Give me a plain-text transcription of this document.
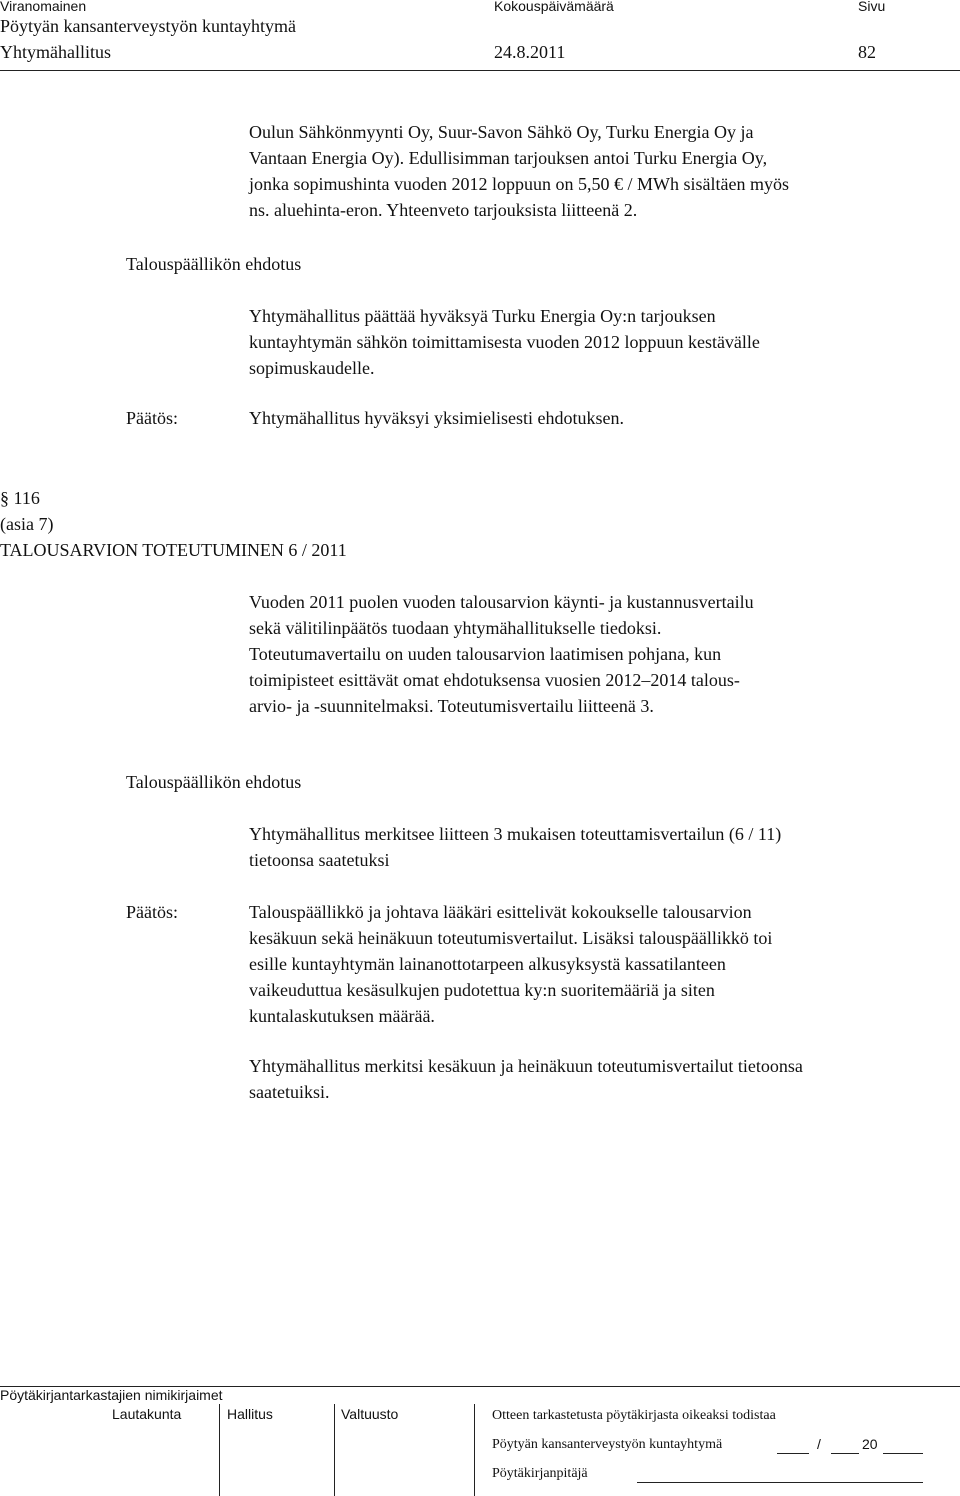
Viranomainen	Kokouspäivämäärä	Sivu
Pöytyän kansanterveystyön kuntayhtymä
Yhtymähallitus	24.8.2011	82
Oulun Sähkönmyynti Oy, Suur-Savon Sähkö Oy, Turku Energia Oy ja
Vantaan Energia Oy). Edullisimman tarjouksen antoi Turku Energia Oy,
jonka sopimushinta vuoden 2012 loppuun on 5,50 € / MWh sisältäen myös
ns. aluehinta-eron. Yhteenveto tarjouksista liitteenä 2.
Talouspäällikön ehdotus
Yhtymähallitus päättää hyväksyä Turku Energia Oy:n tarjouksen
kuntayhtymän sähkön toimittamisesta vuoden 2012 loppuun kestävälle
sopimuskaudelle.
Päätös:	Yhtymähallitus hyväksyi yksimielisesti ehdotuksen.
§ 116
(asia 7)
TALOUSARVION TOTEUTUMINEN 6 / 2011
Vuoden 2011 puolen vuoden talousarvion käynti- ja kustannusvertailu
sekä välitilinpäätös tuodaan yhtymähallitukselle tiedoksi.
Toteutumavertailu on uuden talousarvion laatimisen pohjana, kun
toimipisteet esittävät omat ehdotuksensa vuosien 2012–2014 talous-
arvio- ja -suunnitelmaksi. Toteutumisvertailu liitteenä 3.
Talouspäällikön ehdotus
Yhtymähallitus merkitsee liitteen 3 mukaisen toteuttamisvertailun (6 / 11)
tietoonsa saatetuksi
Päätös:	Talouspäällikkö ja johtava lääkäri esittelivät kokoukselle talousarvion
kesäkuun sekä heinäkuun toteutumisvertailut. Lisäksi talouspäällikkö toi
esille kuntayhtymän lainanottotarpeen alkusyksystä kassatilanteen
vaikeuduttua kesäsulkujen pudotettua ky:n suoritemääriä ja siten
kuntalaskutuksen määrää.
Yhtymähallitus merkitsi kesäkuun ja heinäkuun toteutumisvertailut tietoonsa
saatetuiksi.
Pöytäkirjantarkastajien nimikirjaimet
Lautakunta	Hallitus	Valtuusto	Otteen tarkastetusta pöytäkirjasta oikeaksi todistaa
Pöytyän kansanterveystyön kuntayhtymä	/	20
Pöytäkirjanpitäjä
